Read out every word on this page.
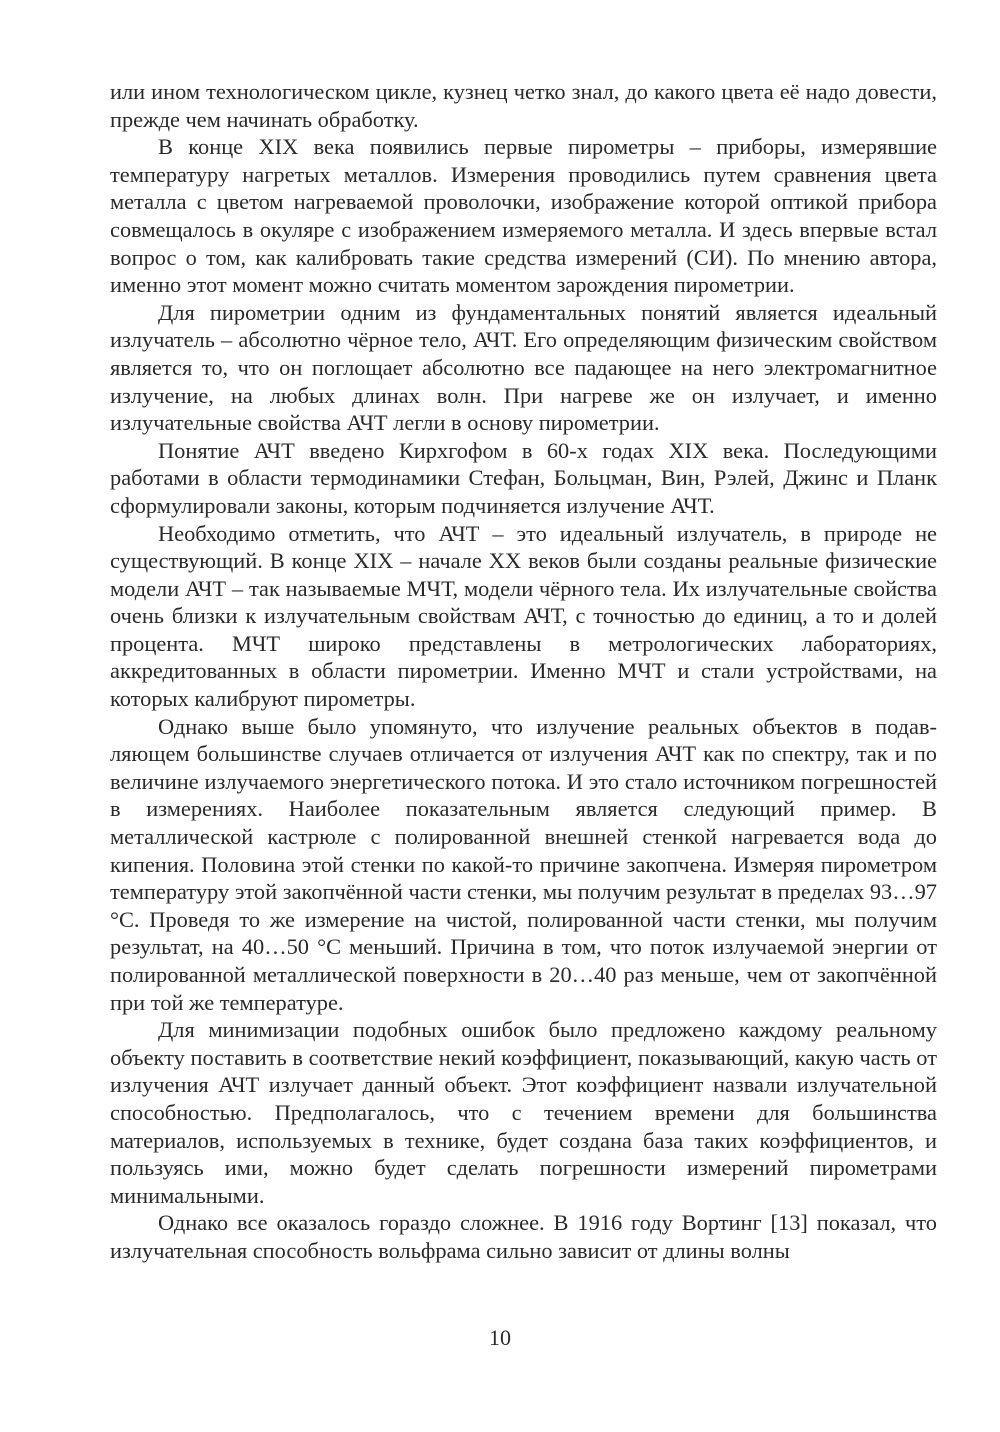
или ином технологическом цикле, кузнец четко знал, до какого цвета её надо довести, прежде чем начинать обработку.

В конце XIX века появились первые пирометры – приборы, измерявшие температуру нагретых металлов. Измерения проводились путем сравнения цвета металла с цветом нагреваемой проволочки, изображение которой оптикой прибора совмещалось в окуляре с изображением измеряемого металла. И здесь впервые встал вопрос о том, как калибровать такие средства измерений (СИ). По мнению автора, именно этот момент можно считать моментом зарождения пирометрии.

Для пирометрии одним из фундаментальных понятий является идеальный излучатель – абсолютно чёрное тело, АЧТ. Его определяющим физическим свойством является то, что он поглощает абсолютно все падающее на него электромагнитное излучение, на любых длинах волн. При нагреве же он излучает, и именно излучательные свойства АЧТ легли в основу пирометрии.

Понятие АЧТ введено Кирхгофом в 60-х годах XIX века. Последующими работами в области термодинамики Стефан, Больцман, Вин, Рэлей, Джинс и Планк сформулировали законы, которым подчиняется излучение АЧТ.

Необходимо отметить, что АЧТ – это идеальный излучатель, в природе не существующий. В конце XIX – начале XX веков были созданы реальные физические модели АЧТ – так называемые МЧТ, модели чёрного тела. Их излучательные свойства очень близки к излучательным свойствам АЧТ, с точностью до единиц, а то и долей процента. МЧТ широко представлены в метрологических лабораториях, аккредитованных в области пирометрии. Именно МЧТ и стали устройствами, на которых калибруют пирометры.

Однако выше было упомянуто, что излучение реальных объектов в подавляющем большинстве случаев отличается от излучения АЧТ как по спектру, так и по величине излучаемого энергетического потока. И это стало источником погрешностей в измерениях. Наиболее показательным является следующий пример. В металлической кастрюле с полированной внешней стенкой нагревается вода до кипения. Половина этой стенки по какой-то причине закопчена. Измеряя пирометром температуру этой закопчённой части стенки, мы получим результат в пределах 93…97 °С. Проведя то же измерение на чистой, полированной части стенки, мы получим результат, на 40…50 °С меньший. Причина в том, что поток излучаемой энергии от полированной металлической поверхности в 20…40 раз меньше, чем от закопчённой при той же температуре.

Для минимизации подобных ошибок было предложено каждому реальному объекту поставить в соответствие некий коэффициент, показывающий, какую часть от излучения АЧТ излучает данный объект. Этот коэффициент назвали излучательной способностью. Предполагалось, что с течением времени для большинства материалов, используемых в технике, будет создана база таких коэффициентов, и пользуясь ими, можно будет сделать погрешности измерений пирометрами минимальными.

Однако все оказалось гораздо сложнее. В 1916 году Вортинг [13] показал, что излучательная способность вольфрама сильно зависит от длины волны

10
